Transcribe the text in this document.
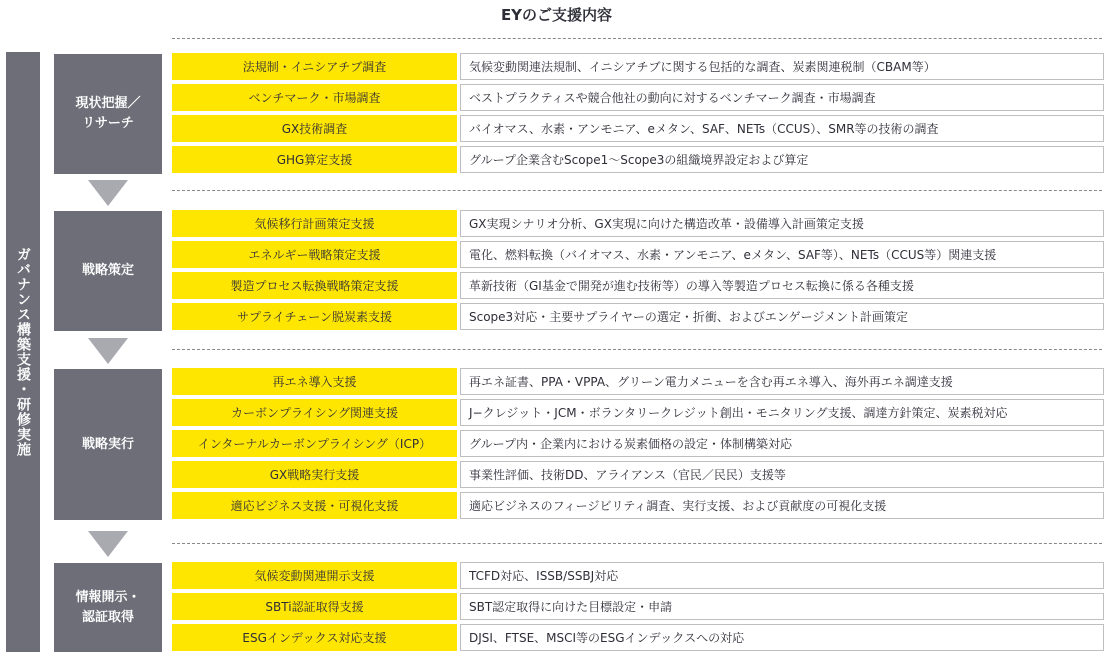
EYのご支援内容
ガバナンス構築支援・研修実施
現状把握／
リサーチ
法規制・イニシアチブ調査	気候変動関連法規制、イニシアチブに関する包括的な調査、炭素関連税制（CBAM等）
ベンチマーク・市場調査	ベストプラクティスや競合他社の動向に対するベンチマーク調査・市場調査
GX技術調査	バイオマス、水素・アンモニア、eメタン、SAF、NETs（CCUS）、SMR等の技術の調査
GHG算定支援	グループ企業含むScope1～Scope3の組織境界設定および算定
戦略策定
気候移行計画策定支援	GX実現シナリオ分析、GX実現に向けた構造改革・設備導入計画策定支援
エネルギー戦略策定支援	電化、燃料転換（バイオマス、水素・アンモニア、eメタン、SAF等）、NETs（CCUS等）関連支援
製造プロセス転換戦略策定支援	革新技術（GI基金で開発が進む技術等）の導入等製造プロセス転換に係る各種支援
サプライチェーン脱炭素支援	Scope3対応・主要サプライヤーの選定・折衝、およびエンゲージメント計画策定
戦略実行
再エネ導入支援	再エネ証書、PPA・VPPA、グリーン電力メニューを含む再エネ導入、海外再エネ調達支援
カーボンプライシング関連支援	J−クレジット・JCM・ボランタリークレジット創出・モニタリング支援、調達方針策定、炭素税対応
インターナルカーボンプライシング（ICP）	グループ内・企業内における炭素価格の設定・体制構築対応
GX戦略実行支援	事業性評価、技術DD、アライアンス（官民／民民）支援等
適応ビジネス支援・可視化支援	適応ビジネスのフィージビリティ調査、実行支援、および貢献度の可視化支援
情報開示・
認証取得
気候変動関連開示支援	TCFD対応、ISSB/SSBJ対応
SBTi認証取得支援	SBT認定取得に向けた目標設定・申請
ESGインデックス対応支援	DJSI、FTSE、MSCI等のESGインデックスへの対応
